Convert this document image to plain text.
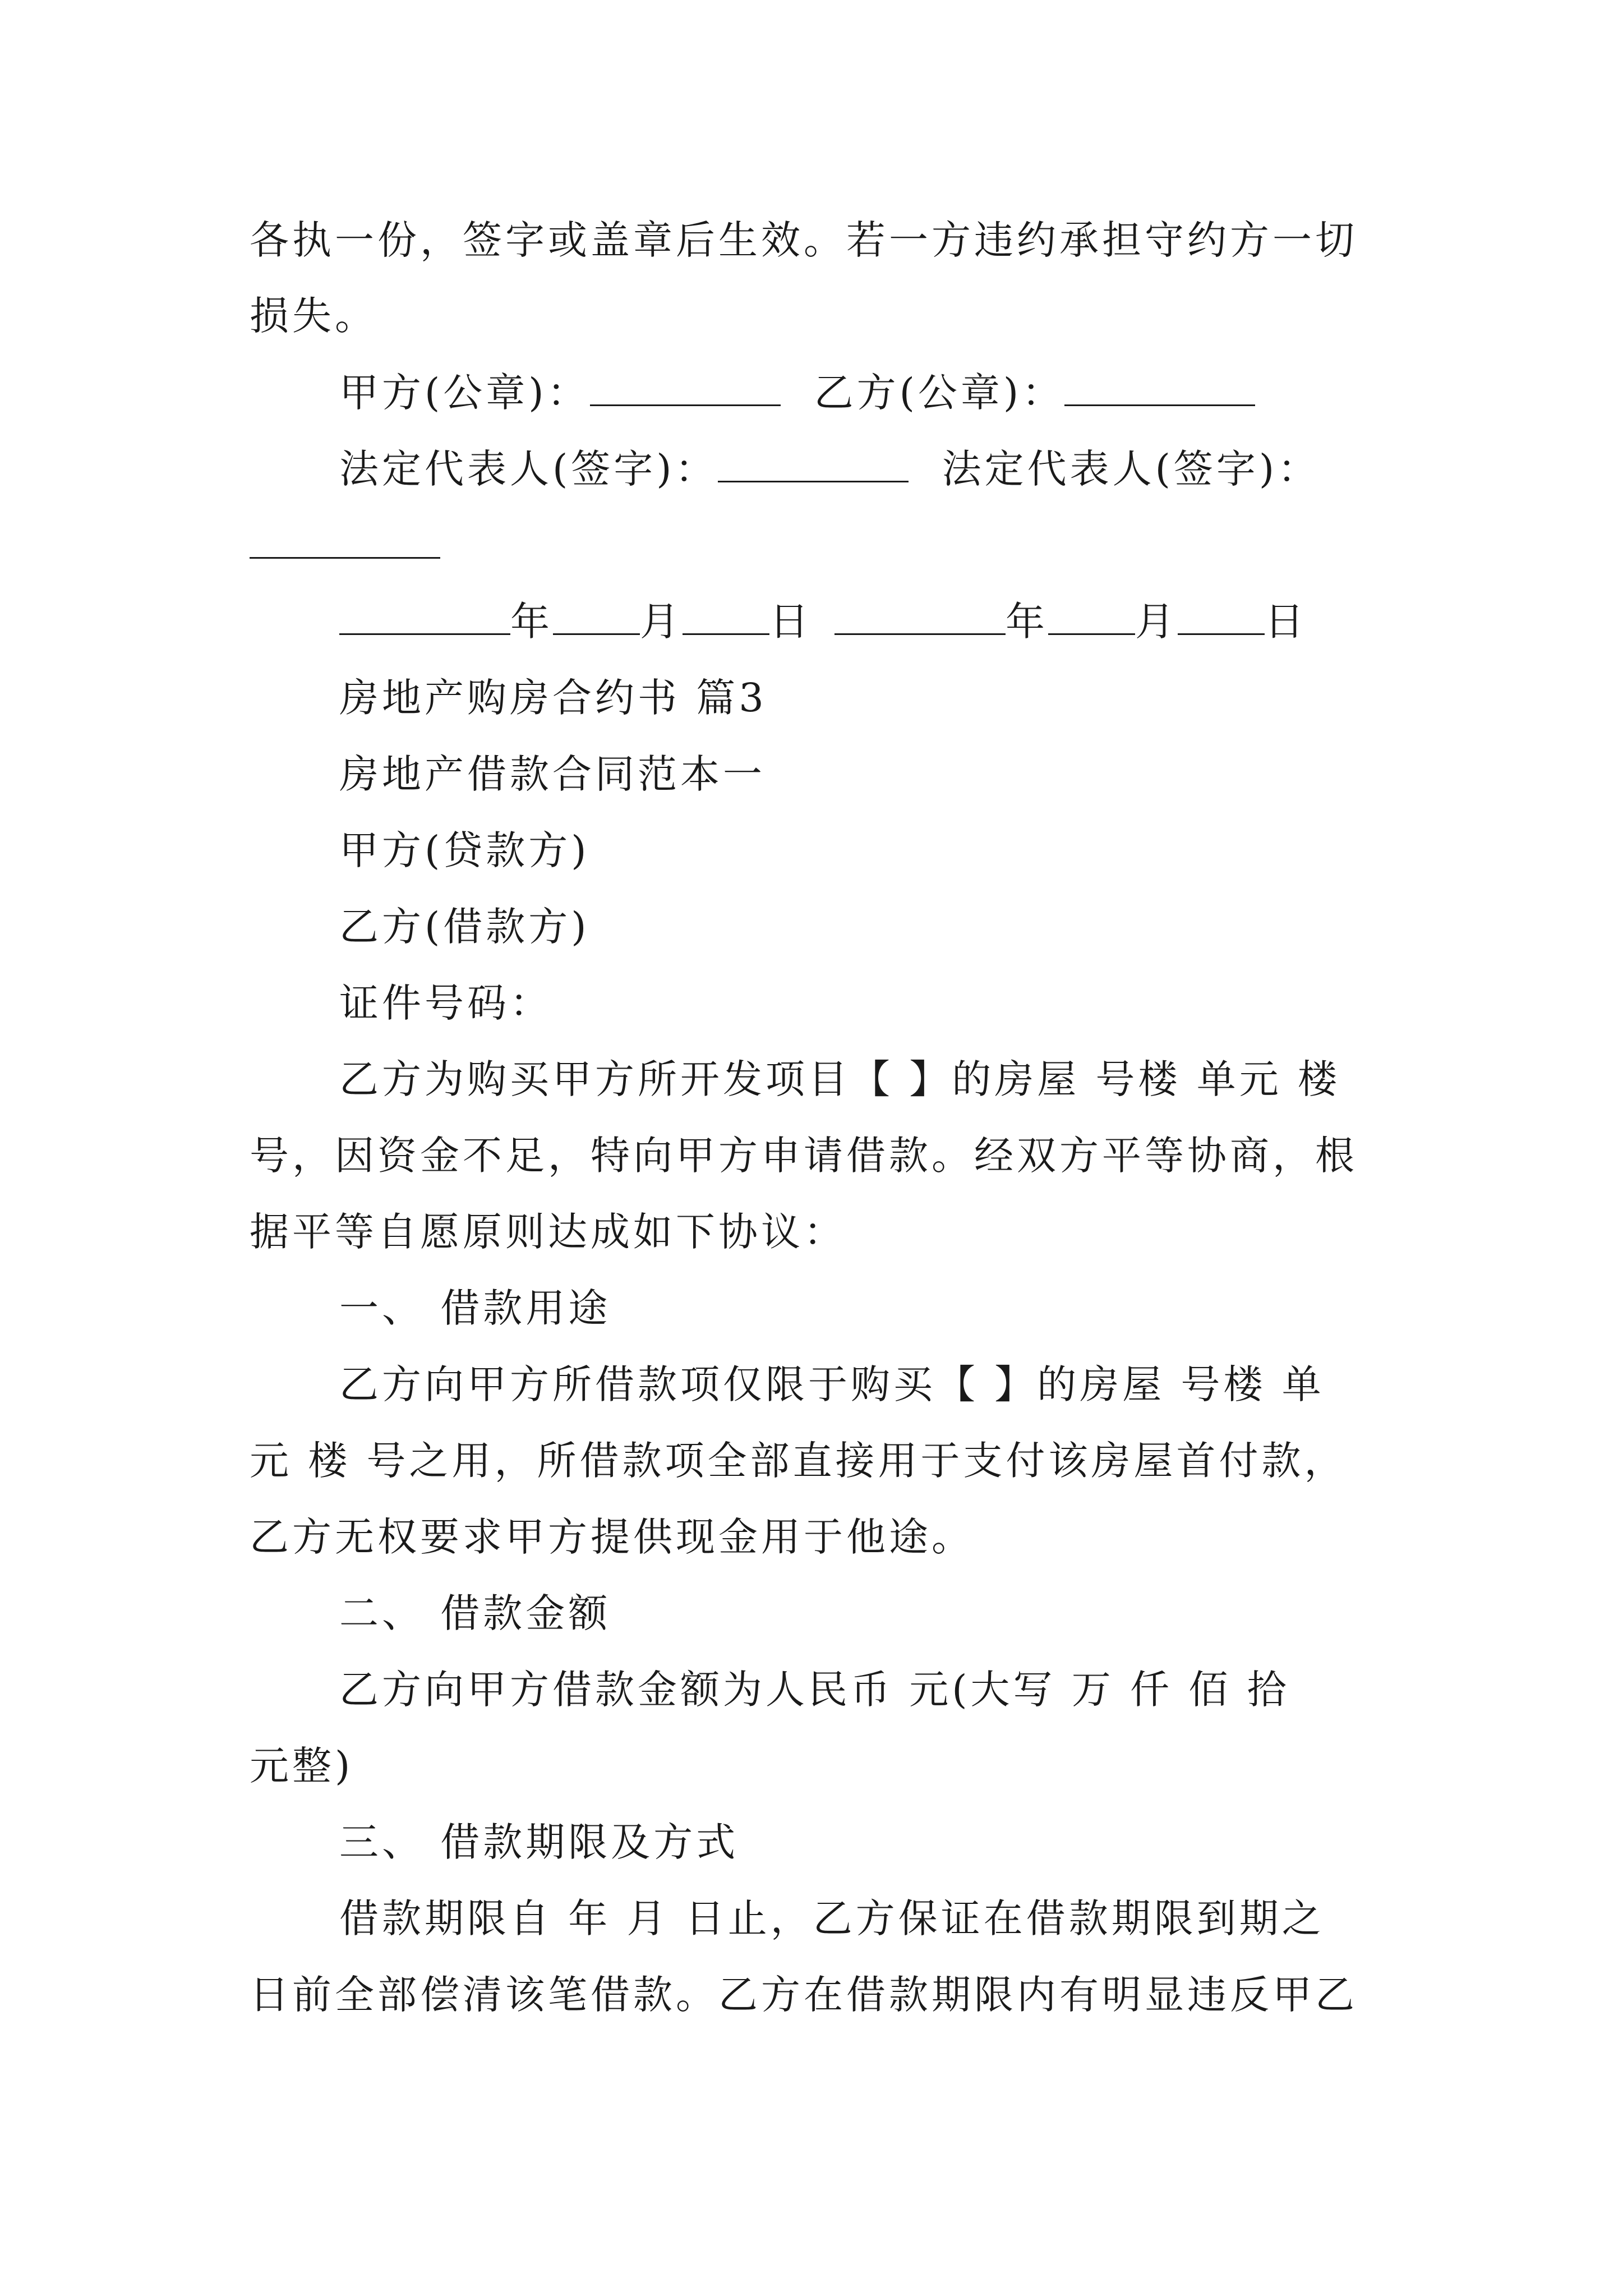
各执一份，签字或盖章后生效。若一方违约承担守约方一切
损失。
甲方(公章)：	乙方(公章)：
法定代表人(签字)：	法定代表人(签字)：
年 月 日	年 月 日
房地产购房合约书 篇3
房地产借款合同范本一
甲方(贷款方)
乙方(借款方)
证件号码：
乙方为购买甲方所开发项目【 】的房屋 号楼 单元 楼
号，因资金不足，特向甲方申请借款。经双方平等协商，根
据平等自愿原则达成如下协议：
一、 借款用途
乙方向甲方所借款项仅限于购买【 】的房屋 号楼 单
元 楼 号之用，所借款项全部直接用于支付该房屋首付款，
乙方无权要求甲方提供现金用于他途。
二、 借款金额
乙方向甲方借款金额为人民币 元(大写 万 仟 佰 拾
元整)
三、 借款期限及方式
借款期限自 年 月 日止，乙方保证在借款期限到期之
日前全部偿清该笔借款。乙方在借款期限内有明显违反甲乙
